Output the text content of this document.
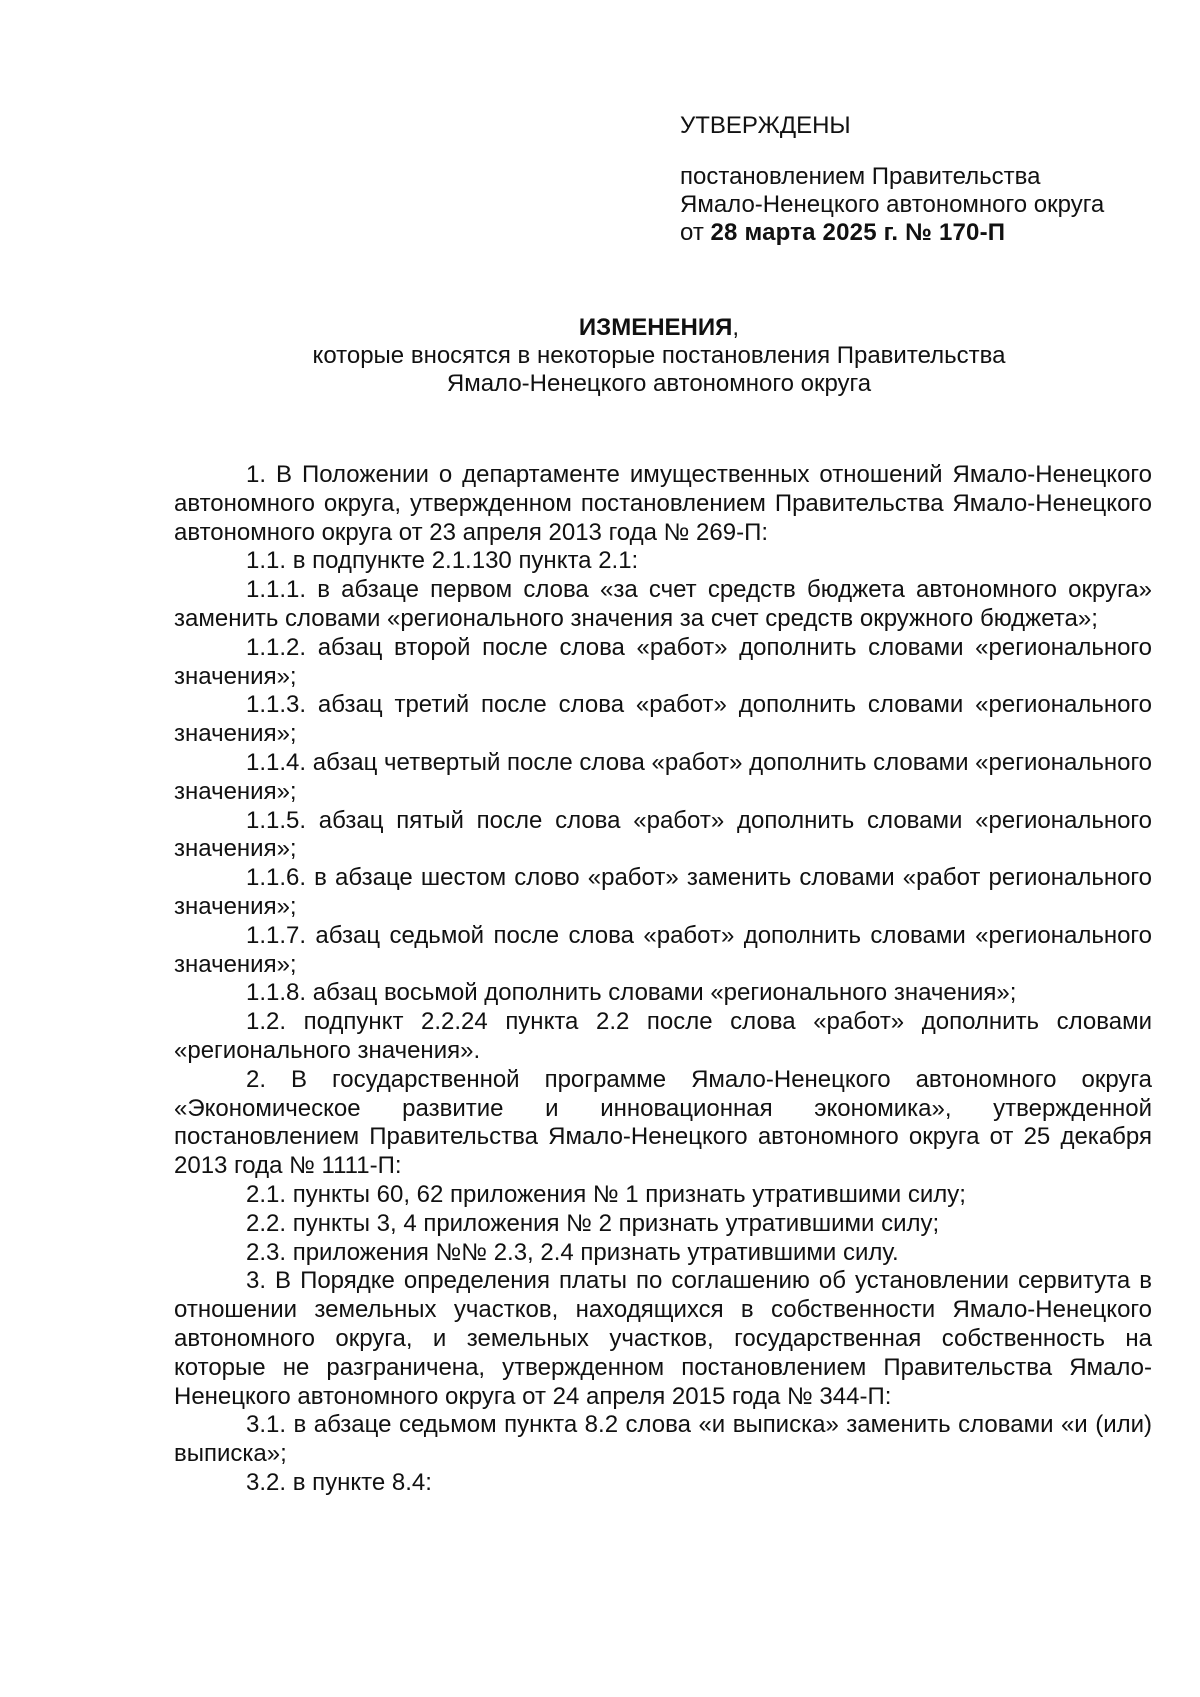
УТВЕРЖДЕНЫ
постановлением Правительства
Ямало-Ненецкого автономного округа
от 28 марта 2025 г. № 170-П
ИЗМЕНЕНИЯ,
которые вносятся в некоторые постановления Правительства
Ямало-Ненецкого автономного округа

1. В Положении о департаменте имущественных отношений Ямало-Ненецкого автономного округа, утвержденном постановлением Правительства Ямало-Ненецкого автономного округа от 23 апреля 2013 года № 269-П:

1.1. в подпункте 2.1.130 пункта 2.1:

1.1.1. в абзаце первом слова «за счет средств бюджета автономного округа» заменить словами «регионального значения за счет средств окружного бюджета»;

1.1.2. абзац второй после слова «работ» дополнить словами «регионального значения»;

1.1.3. абзац третий после слова «работ» дополнить словами «регионального значения»;

1.1.4. абзац четвертый после слова «работ» дополнить словами «регионального значения»;

1.1.5. абзац пятый после слова «работ» дополнить словами «регионального значения»;

1.1.6. в абзаце шестом слово «работ» заменить словами «работ регионального значения»;

1.1.7. абзац седьмой после слова «работ» дополнить словами «регионального значения»;

1.1.8. абзац восьмой дополнить словами «регионального значения»;

1.2. подпункт 2.2.24 пункта 2.2 после слова «работ» дополнить словами «регионального значения».

2. В государственной программе Ямало-Ненецкого автономного округа «Экономическое развитие и инновационная экономика», утвержденной постановлением Правительства Ямало-Ненецкого автономного округа от 25 декабря 2013 года № 1111-П:

2.1. пункты 60, 62 приложения № 1 признать утратившими силу;

2.2. пункты 3, 4 приложения № 2 признать утратившими силу;

2.3. приложения №№ 2.3, 2.4 признать утратившими силу.

3. В Порядке определения платы по соглашению об установлении сервитута в отношении земельных участков, находящихся в собственности Ямало-Ненецкого автономного округа, и земельных участков, государственная собственность на которые не разграничена, утвержденном постановлением Правительства Ямало-Ненецкого автономного округа от 24 апреля 2015 года № 344-П:

3.1. в абзаце седьмом пункта 8.2 слова «и выписка» заменить словами «и (или) выписка»;

3.2. в пункте 8.4:
